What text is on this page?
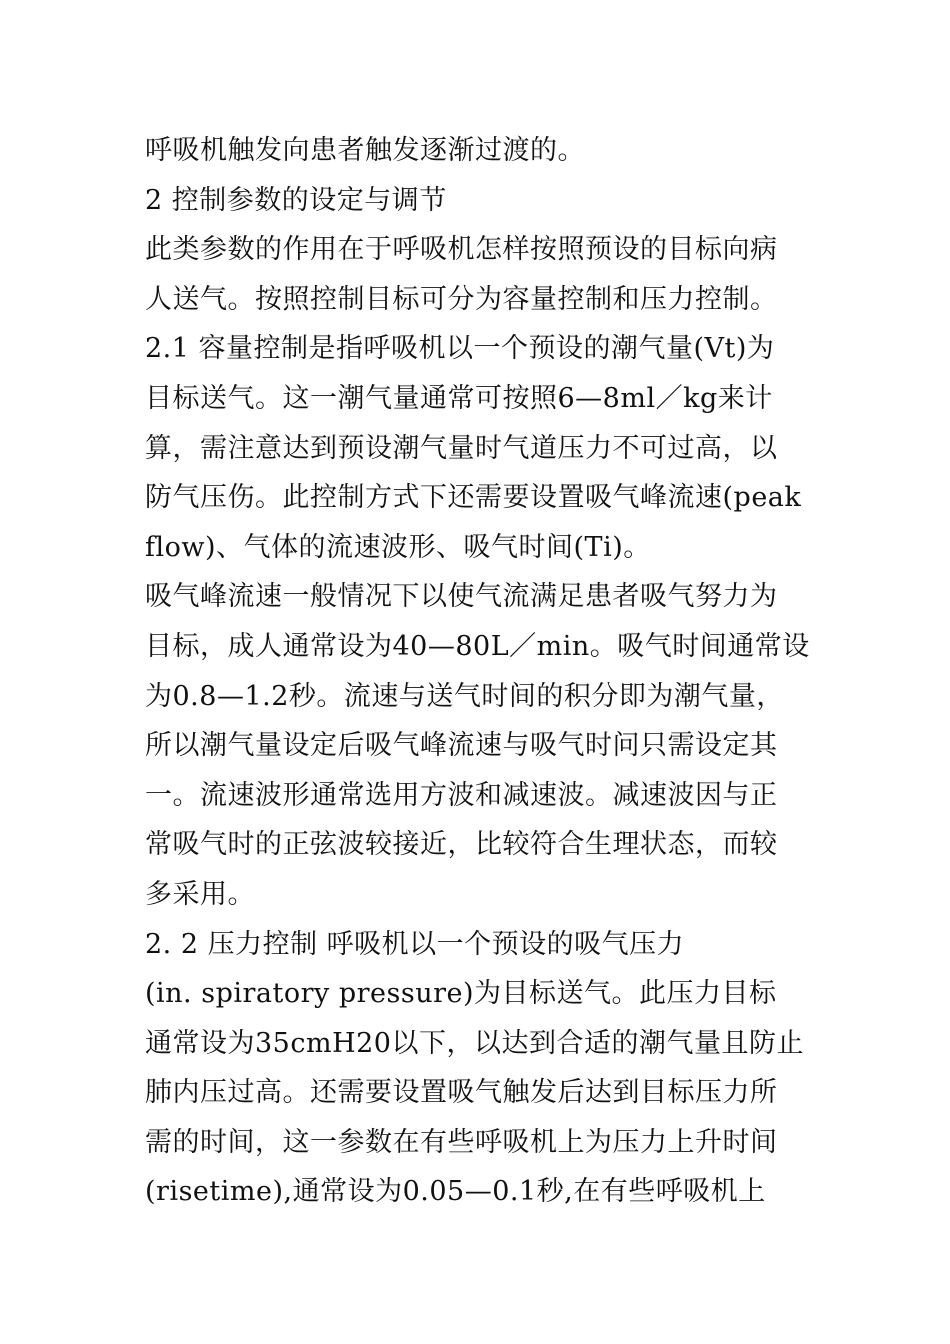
呼吸机触发向患者触发逐渐过渡的。
2 控制参数的设定与调节
此类参数的作用在于呼吸机怎样按照预设的目标向病
人送气。按照控制目标可分为容量控制和压力控制。
2.1 容量控制是指呼吸机以一个预设的潮气量(Vt)为
目标送气。这一潮气量通常可按照6—8ml／kg来计
算，需注意达到预设潮气量时气道压力不可过高，以
防气压伤。此控制方式下还需要设置吸气峰流速(peak
flow)、气体的流速波形、吸气时间(Ti)。
吸气峰流速一般情况下以使气流满足患者吸气努力为
目标，成人通常设为40—80L／min。吸气时间通常设
为0.8—1.2秒。流速与送气时间的积分即为潮气量，
所以潮气量设定后吸气峰流速与吸气时问只需设定其
一。流速波形通常选用方波和减速波。减速波因与正
常吸气时的正弦波较接近，比较符合生理状态，而较
多采用。
2. 2 压力控制 呼吸机以一个预设的吸气压力
(in. spiratory pressure)为目标送气。此压力目标
通常设为35cmH20以下，以达到合适的潮气量且防止
肺内压过高。还需要设置吸气触发后达到目标压力所
需的时间，这一参数在有些呼吸机上为压力上升时间
(risetime),通常设为0.05—0.1秒,在有些呼吸机上
